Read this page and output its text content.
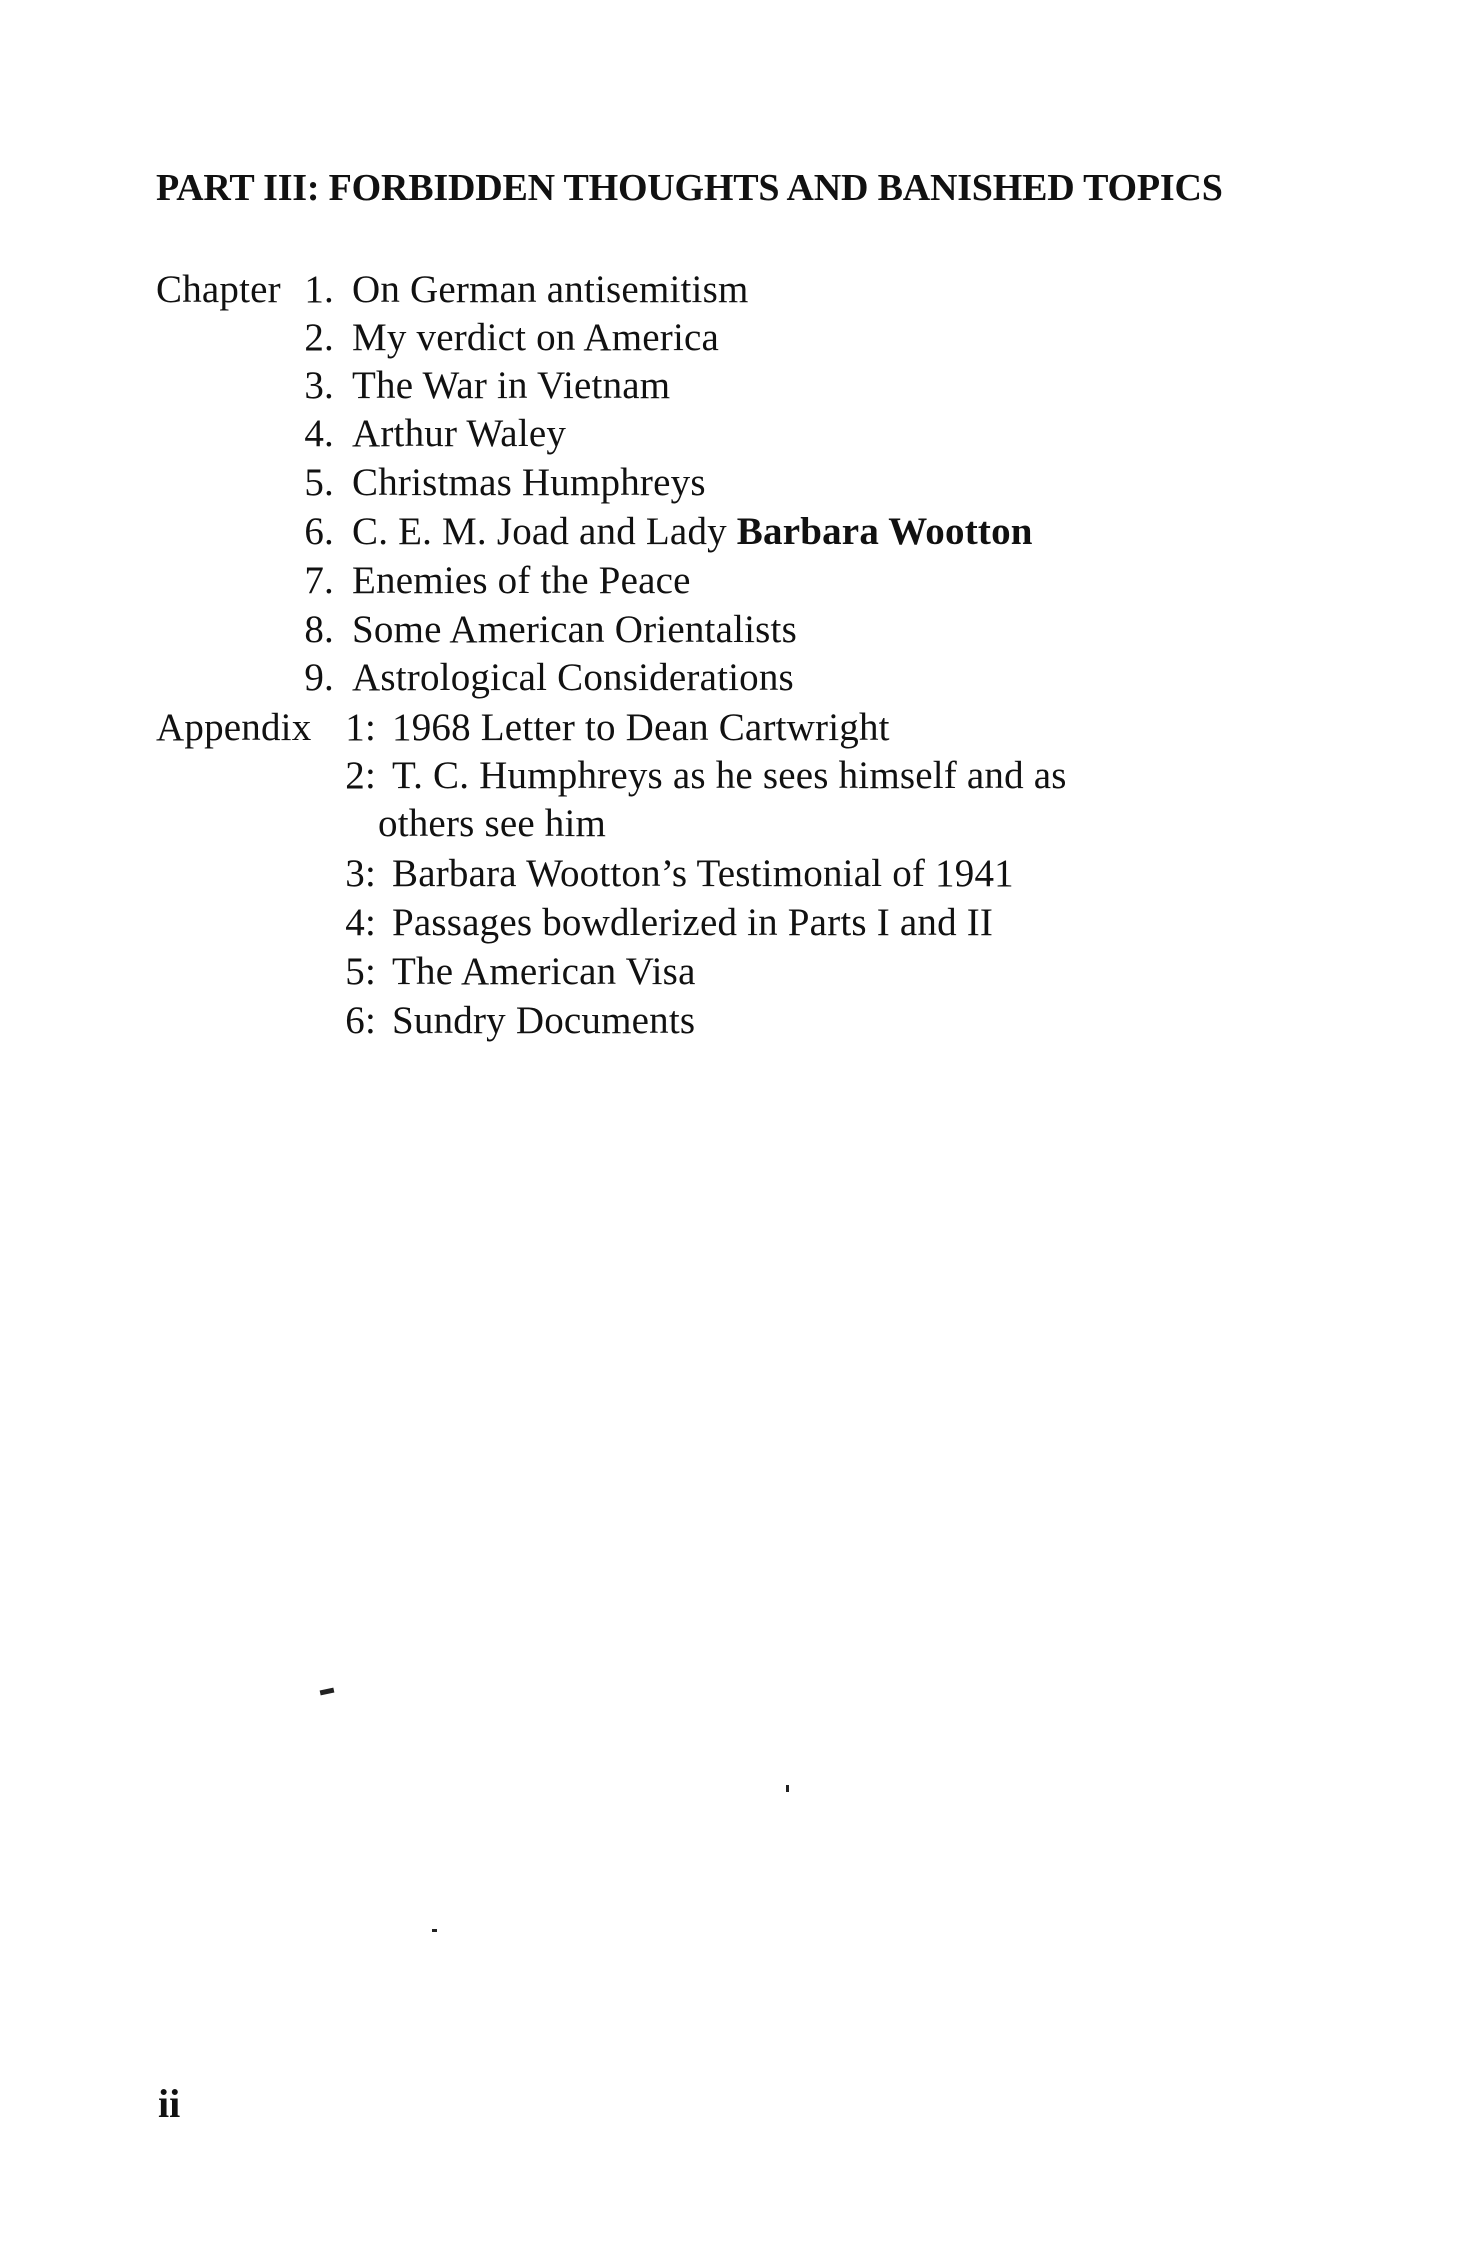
PART III: FORBIDDEN THOUGHTS AND BANISHED TOPICS
Chapter 1. On German antisemitism
2. My verdict on America
3. The War in Vietnam
4. Arthur Waley
5. Christmas Humphreys
6. C. E. M. Joad and Lady Barbara Wootton
7. Enemies of the Peace
8. Some American Orientalists
9. Astrological Considerations
Appendix 1: 1968 Letter to Dean Cartwright
2: T. C. Humphreys as he sees himself and as
others see him
3: Barbara Wootton’s Testimonial of 1941
4: Passages bowdlerized in Parts I and II
5: The American Visa
6: Sundry Documents
ii
